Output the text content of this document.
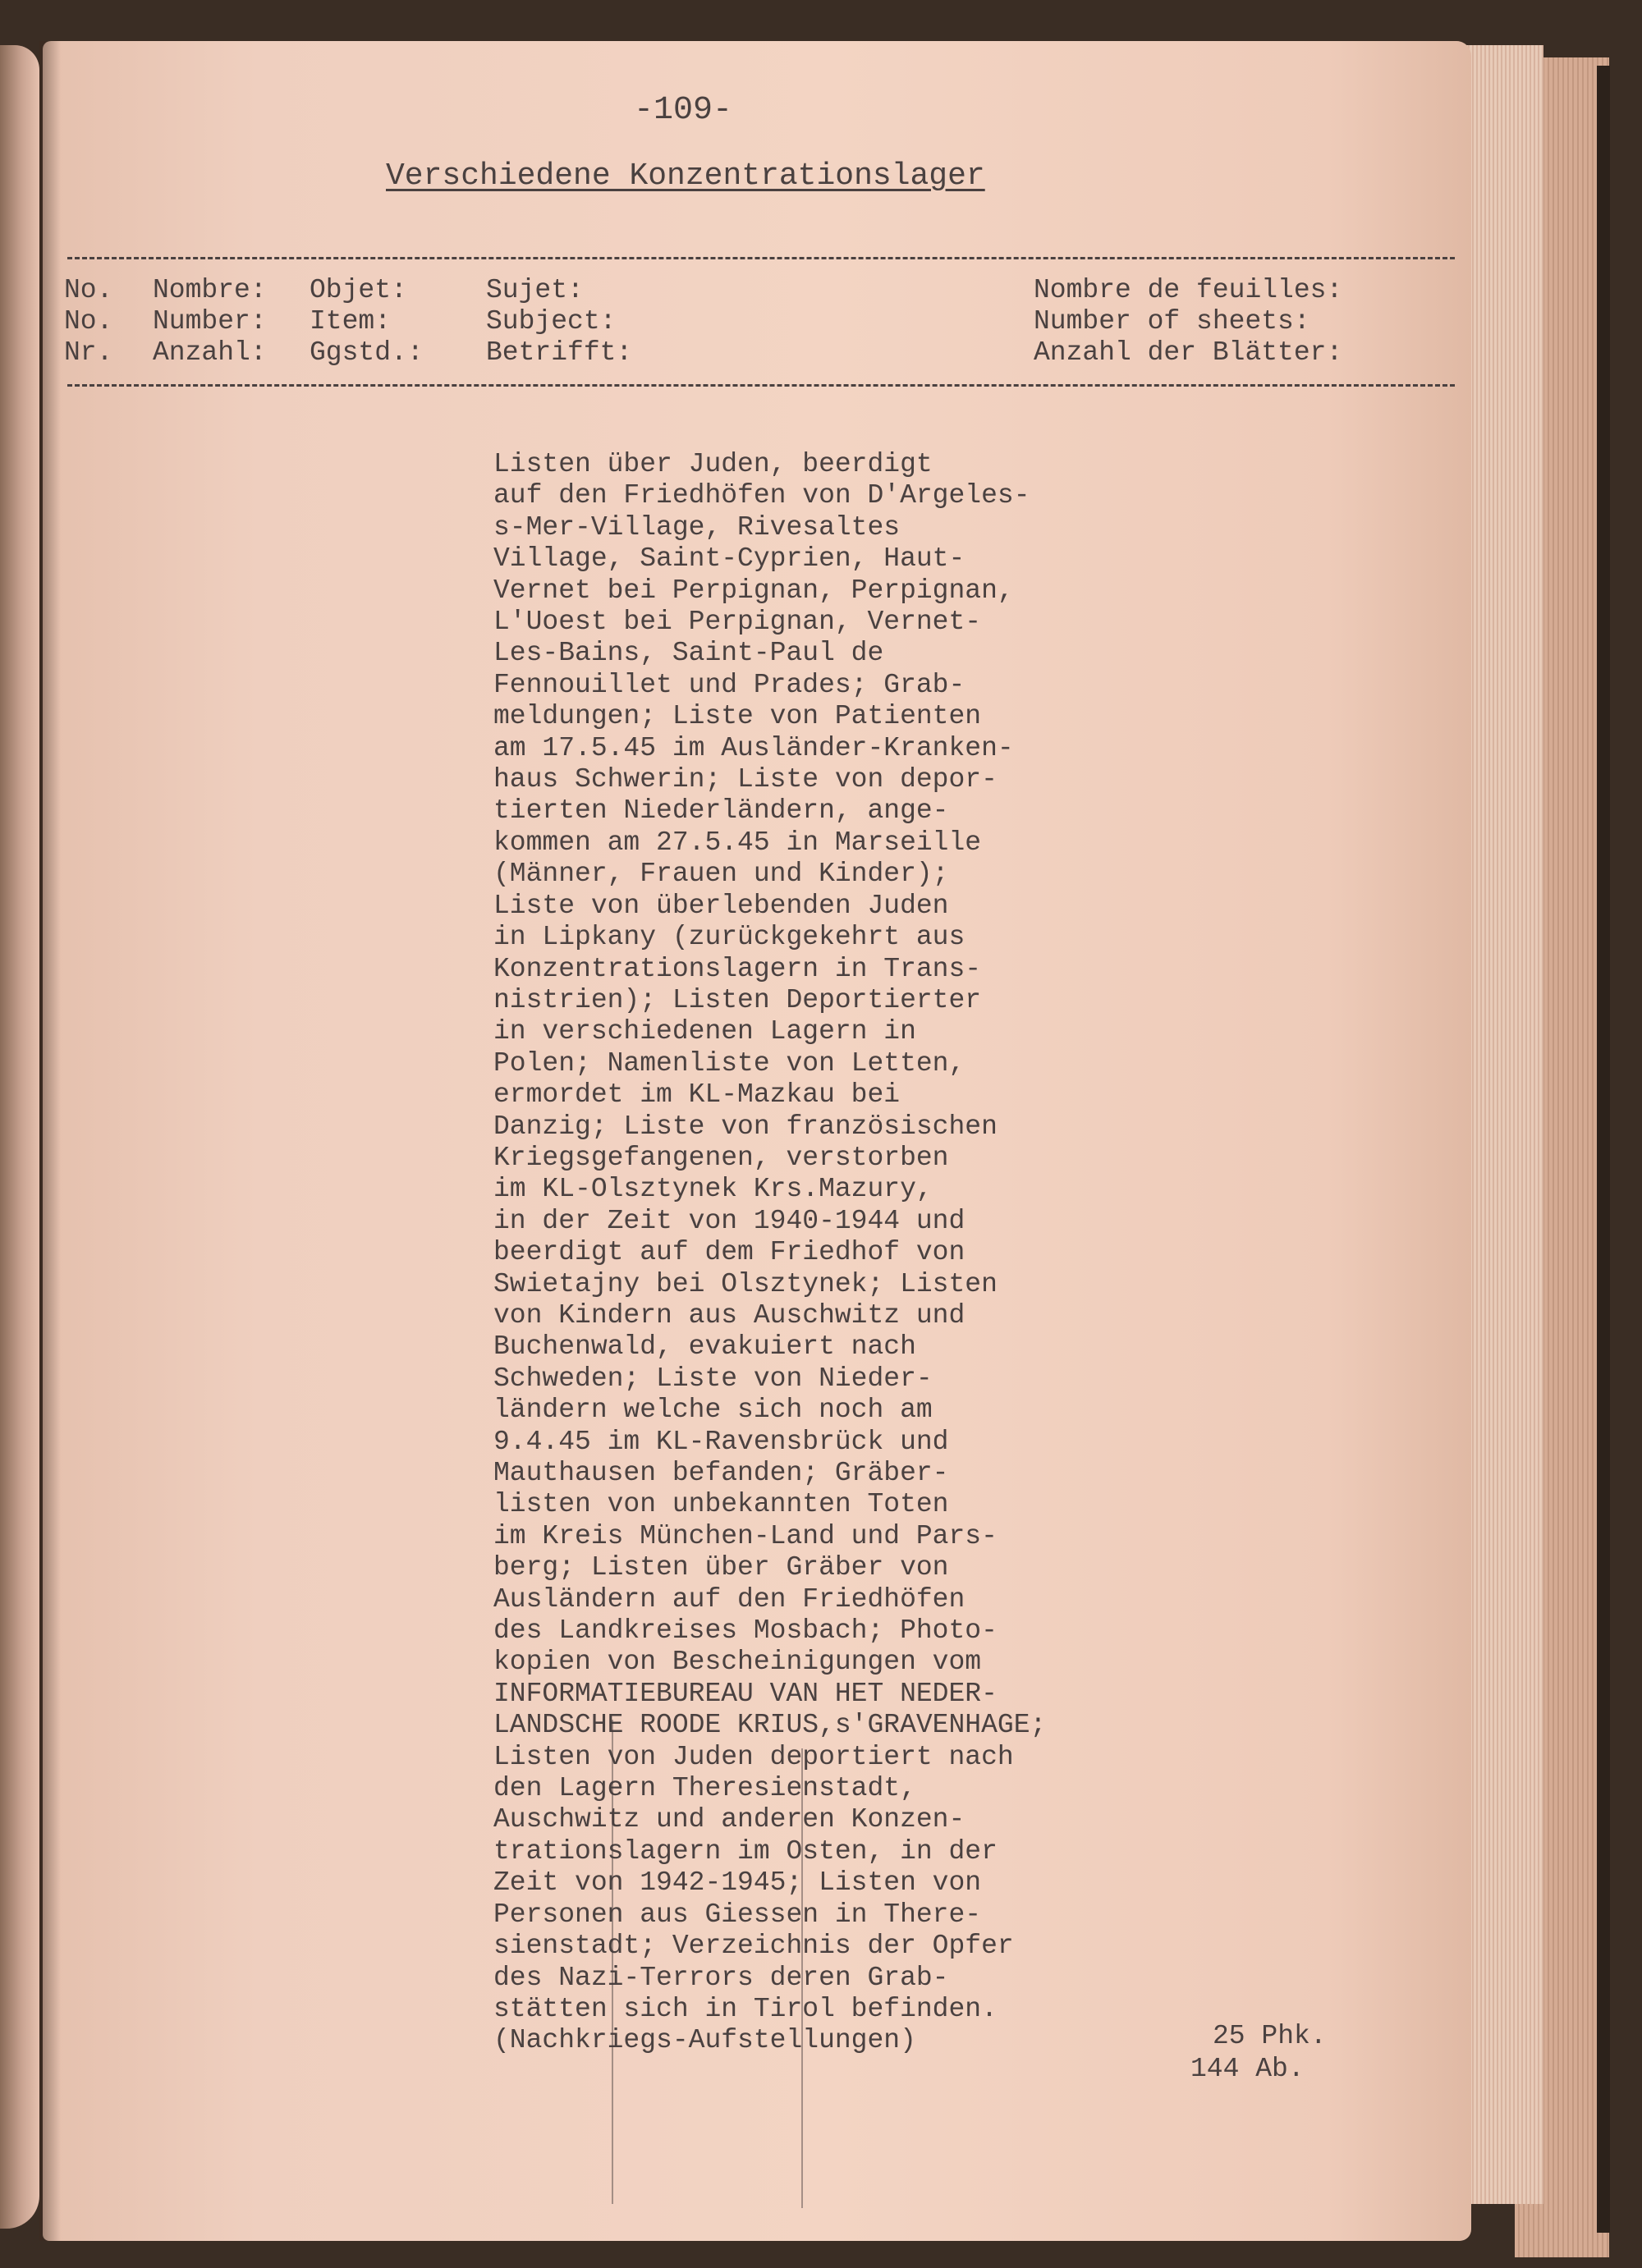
-109-
Verschiedene Konzentrationslager
No.
No.
Nr.
Nombre:
Number:
Anzahl:
Objet:
Item:
Ggstd.:
Sujet:
Subject:
Betrifft:
Nombre de feuilles:
Number of sheets:
Anzahl der Blätter:
Listen über Juden, beerdigt
auf den Friedhöfen von D'Argeles-
s-Mer-Village, Rivesaltes
Village, Saint-Cyprien, Haut-
Vernet bei Perpignan, Perpignan,
L'Uoest bei Perpignan, Vernet-
Les-Bains, Saint-Paul de
Fennouillet und Prades; Grab-
meldungen; Liste von Patienten
am 17.5.45 im Ausländer-Kranken-
haus Schwerin; Liste von depor-
tierten Niederländern, ange-
kommen am 27.5.45 in Marseille
(Männer, Frauen und Kinder);
Liste von überlebenden Juden
in Lipkany (zurückgekehrt aus
Konzentrationslagern in Trans-
nistrien); Listen Deportierter
in verschiedenen Lagern in
Polen; Namenliste von Letten,
ermordet im KL-Mazkau bei
Danzig; Liste von französischen
Kriegsgefangenen, verstorben
im KL-Olsztynek Krs.Mazury,
in der Zeit von 1940-1944 und
beerdigt auf dem Friedhof von
Swietajny bei Olsztynek; Listen
von Kindern aus Auschwitz und
Buchenwald, evakuiert nach
Schweden; Liste von Nieder-
ländern welche sich noch am
9.4.45 im KL-Ravensbrück und
Mauthausen befanden; Gräber-
listen von unbekannten Toten
im Kreis München-Land und Pars-
berg; Listen über Gräber von
Ausländern auf den Friedhöfen
des Landkreises Mosbach; Photo-
kopien von Bescheinigungen vom
INFORMATIEBUREAU VAN HET NEDER-
LANDSCHE ROODE KRIUS,s'GRAVENHAGE;
Listen von Juden deportiert nach
den Lagern Theresienstadt,
Auschwitz und anderen Konzen-
trationslagern im Osten, in der
Zeit von 1942-1945; Listen von
Personen aus Giessen in There-
sienstadt; Verzeichnis der Opfer
des Nazi-Terrors deren Grab-
stätten sich in Tirol befinden.
(Nachkriegs-Aufstellungen)	25 Phk.
144 Ab.
